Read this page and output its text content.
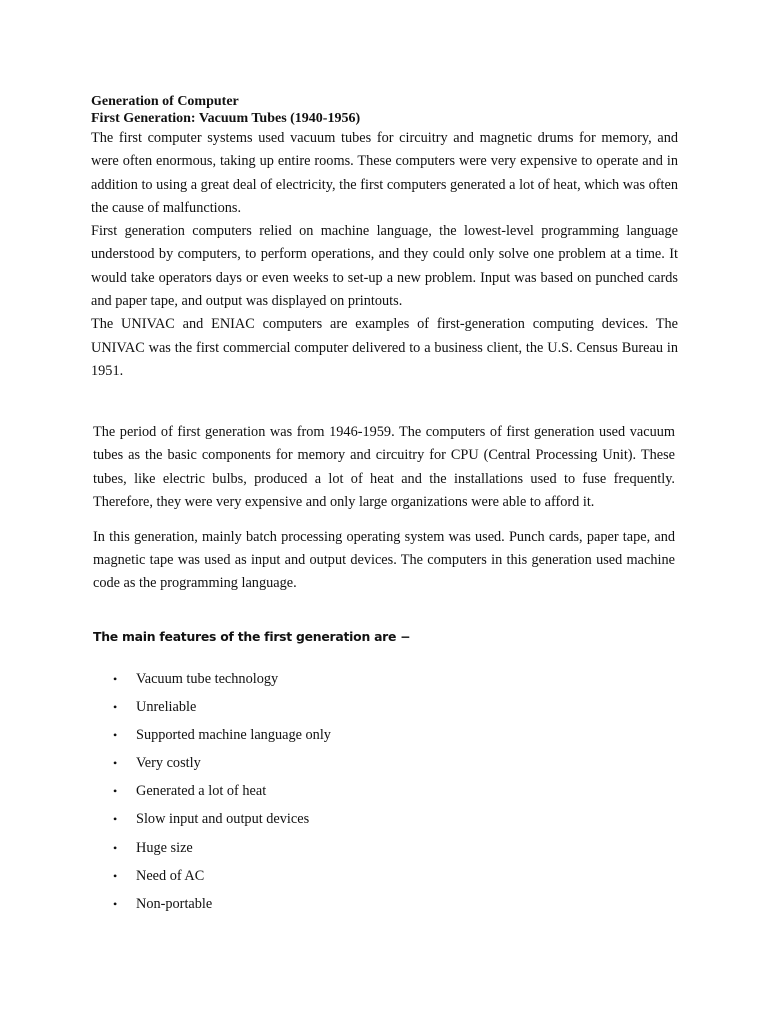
Generation of Computer

First Generation: Vacuum Tubes (1940-1956)

The first computer systems used vacuum tubes for circuitry and magnetic drums for memory, and were often enormous, taking up entire rooms. These computers were very expensive to operate and in addition to using a great deal of electricity, the first computers generated a lot of heat, which was often the cause of malfunctions.

First generation computers relied on machine language, the lowest-level programming language understood by computers, to perform operations, and they could only solve one problem at a time. It would take operators days or even weeks to set-up a new problem. Input was based on punched cards and paper tape, and output was displayed on printouts.

The UNIVAC and ENIAC computers are examples of first-generation computing devices. The UNIVAC was the first commercial computer delivered to a business client, the U.S. Census Bureau in 1951.

The period of first generation was from 1946-1959. The computers of first generation used vacuum tubes as the basic components for memory and circuitry for CPU (Central Processing Unit). These tubes, like electric bulbs, produced a lot of heat and the installations used to fuse frequently. Therefore, they were very expensive and only large organizations were able to afford it.

In this generation, mainly batch processing operating system was used. Punch cards, paper tape, and magnetic tape was used as input and output devices. The computers in this generation used machine code as the programming language.

The main features of the first generation are −

• Vacuum tube technology
• Unreliable
• Supported machine language only
• Very costly
• Generated a lot of heat
• Slow input and output devices
• Huge size
• Need of AC
• Non-portable
